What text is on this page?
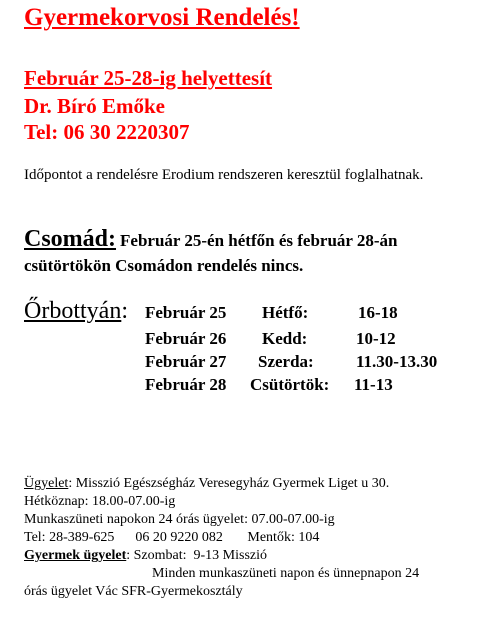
Gyermekorvosi Rendelés!
Február 25-28-ig helyettesít
Dr. Bíró Emőke
Tel: 06 30 2220307
Időpontot a rendelésre Erodium rendszeren keresztül foglalhatnak.
Csomád: Február 25-én hétfőn és február 28-án
csütörtökön Csomádon rendelés nincs.
Őrbottyán: Február 25 Hétfő:	16-18
Február 26 Kedd:	10-12
Február 27 Szerda: 11.30-13.30
Február 28 Csütörtök: 11-13
Ügyelet: Misszió Egészségház Veresegyház Gyermek Liget u 30.
Hétköznap: 18.00-07.00-ig
Munkaszüneti napokon 24 órás ügyelet: 07.00-07.00-ig
Tel: 28-389-625      06 20 9220 082       Mentők: 104
Gyermek ügyelet: Szombat:  9-13 Misszió
Minden munkaszüneti napon és ünnepnapon 24
órás ügyelet Vác SFR-Gyermekosztály
